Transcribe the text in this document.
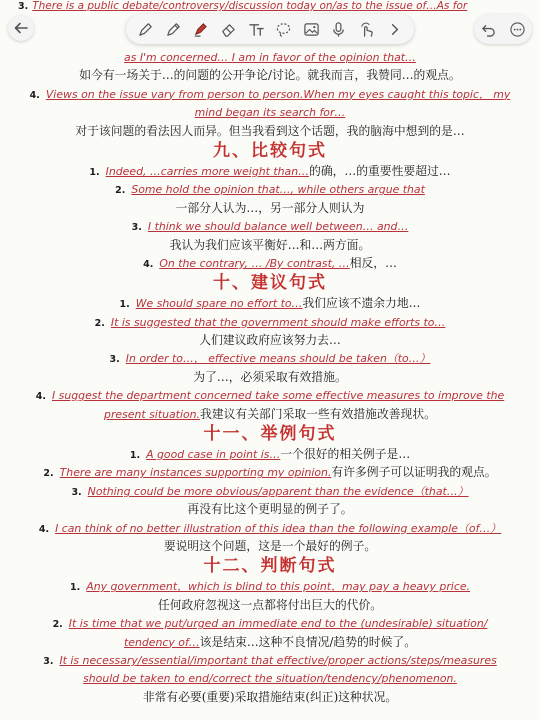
3. There is a public debate/controversy/discussion today on/as to the issue of…As for
as I'm concerned… I am in favor of the opinion that…
如今有一场关于…的问题的公开争论/讨论。就我而言，我赞同…的观点。
4. Views on the issue vary from person to person.When my eyes caught this topic， my
mind began its search for…
对于该问题的看法因人而异。但当我看到这个话题，我的脑海中想到的是…
九、比较句式
1. Indeed, …carries more weight than…的确，…的重要性要超过…
2. Some hold the opinion that…, while others argue that
一部分人认为…，另一部分人则认为
3. I think we should balance well between… and…
我认为我们应该平衡好…和…两方面。
4. On the contrary, … /By contrast, …相反，…
十、建议句式
1. We should spare no effort to…我们应该不遗余力地…
2. It is suggested that the government should make efforts to…
人们建议政府应该努力去…
3. In order to…， effective means should be taken（to…）
为了…，必须采取有效措施。
4. I suggest the department concerned take some effective measures to improve the
present situation.我建议有关部门采取一些有效措施改善现状。
十一、举例句式
1. A good case in point is…一个很好的相关例子是…
2. There are many instances supporting my opinion.有许多例子可以证明我的观点。
3. Nothing could be more obvious/apparent than the evidence（that…）
再没有比这个更明显的例子了。
4. I can think of no better illustration of this idea than the following example（of…）
要说明这个问题，这是一个最好的例子。
十二、判断句式
1. Any government，which is blind to this point，may pay a heavy price.
任何政府忽视这一点都将付出巨大的代价。
2. It is time that we put/urged an immediate end to the (undesirable) situation/
tendency of…该是结束…这种不良情况/趋势的时候了。
3. It is necessary/essential/important that effective/proper actions/steps/measures
should be taken to end/correct the situation/tendency/phenomenon.
非常有必要(重要)采取措施结束(纠正)这种状况。
